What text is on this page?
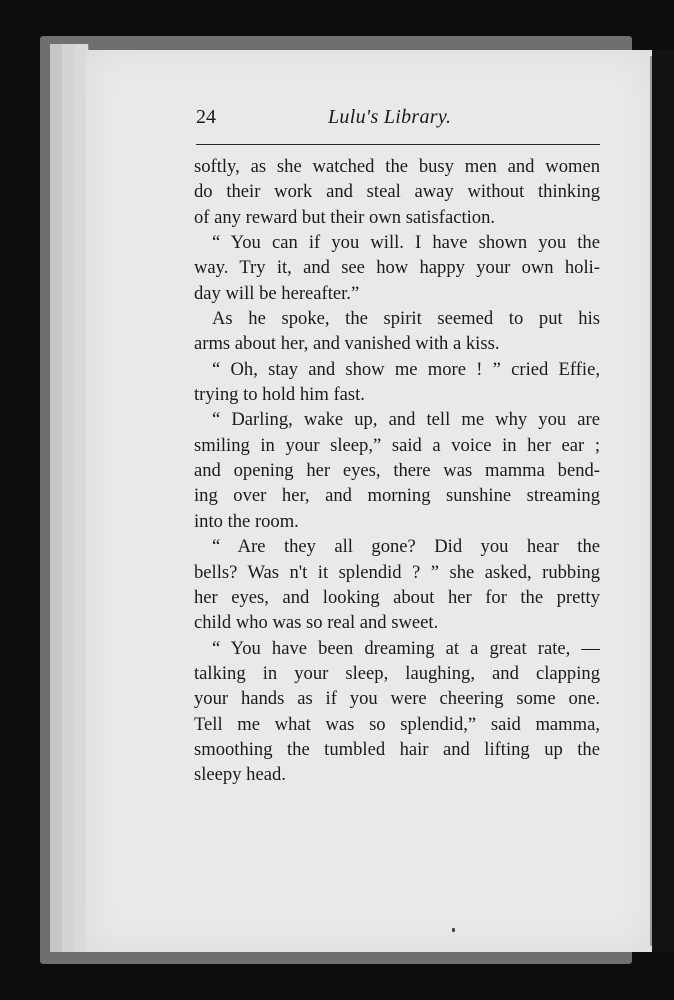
24	Lulu's Library.
softly, as she watched the busy men and women
do their work and steal away without thinking
of any reward but their own satisfaction.
“ You can if you will. I have shown you the
way. Try it, and see how happy your own holi-
day will be hereafter.”
As he spoke, the spirit seemed to put his
arms about her, and vanished with a kiss.
“ Oh, stay and show me more ! ” cried Effie,
trying to hold him fast.
“ Darling, wake up, and tell me why you are
smiling in your sleep,” said a voice in her ear ;
and opening her eyes, there was mamma bend-
ing over her, and morning sunshine streaming
into the room.
“ Are they all gone? Did you hear the
bells? Was n't it splendid ? ” she asked, rubbing
her eyes, and looking about her for the pretty
child who was so real and sweet.
“ You have been dreaming at a great rate, —
talking in your sleep, laughing, and clapping
your hands as if you were cheering some one.
Tell me what was so splendid,” said mamma,
smoothing the tumbled hair and lifting up the
sleepy head.
